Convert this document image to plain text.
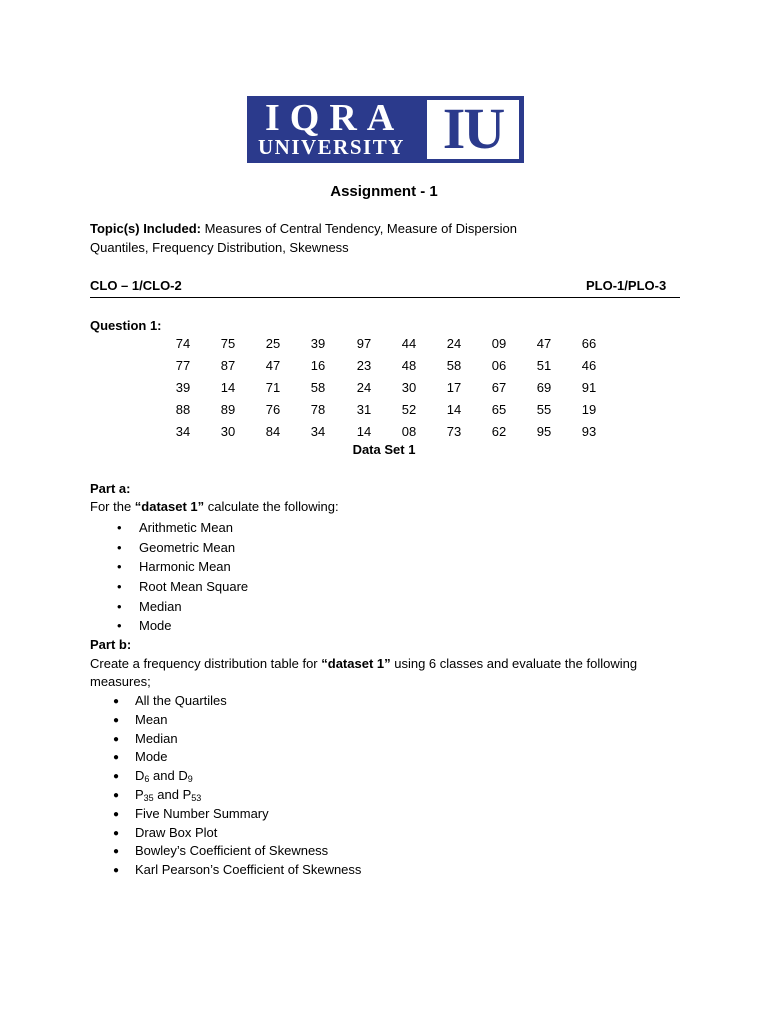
IQRA
UNIVERSITY IU
Assignment - 1
Topic(s) Included: Measures of Central Tendency, Measure of Dispersion
Quantiles, Frequency Distribution, Skewness
CLO – 1/CLO-2	PLO-1/PLO-3
Question 1:
74	75	25	39	97	44	24	09	47	66
77	87	47	16	23	48	58	06	51	46
39	14	71	58	24	30	17	67	69	91
88	89	76	78	31	52	14	65	55	19
34	30	84	34	14	08	73	62	95	93
Data Set 1
Part a:
For the “dataset 1” calculate the following:
• Arithmetic Mean
• Geometric Mean
• Harmonic Mean
• Root Mean Square
• Median
• Mode
Part b:
Create a frequency distribution table for “dataset 1” using 6 classes and evaluate the following
measures;
● All the Quartiles
● Mean
● Median
● Mode
● $D_6$ and $D_9$
● $P_{35}$ and $P_{53}$
● Five Number Summary
● Draw Box Plot
● Bowley’s Coefficient of Skewness
● Karl Pearson’s Coefficient of Skewness
